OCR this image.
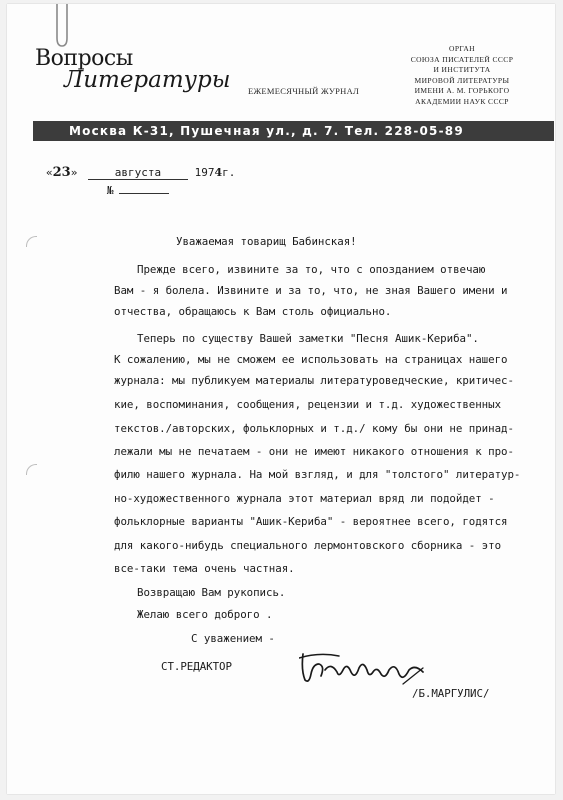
Вопросы
Литературы ЕЖЕМЕСЯЧНЫЙ ЖУРНАЛ
ОРГАН
СОЮЗА ПИСАТЕЛЕЙ СССР
И ИНСТИТУТА
МИРОВОЙ ЛИТЕРАТУРЫ
ИМЕНИ А. М. ГОРЬКОГО
АКАДЕМИИ НАУК СССР
Москва К-31, Пушечная ул., д. 7. Тел. 228-05-89
«23»	августа	1974г.
№
Уважаемая товарищ Бабинская!
Прежде всего, извините за то, что с опозданием отвечаю
Вам - я болела. Извините и за то, что, не зная Вашего имени и
отчества, обращаюсь к Вам столь официально.
Теперь по существу Вашей заметки "Песня Ашик-Кериба".
К сожалению, мы не сможем ее использовать на страницах нашего
журнала: мы публикуем материалы литературоведческие, критичес-
кие, воспоминания, сообщения, рецензии и т.д. художественных
текстов./авторских, фольклорных и т.д./ кому бы они не принад-
лежали мы не печатаем - они не имеют никакого отношения к про-
филю нашего журнала. На мой взгляд, и для "толстого" литератур-
но-художественного журнала этот материал вряд ли подойдет -
фольклорные варианты "Ашик-Кериба" - вероятнее всего, годятся
для какого-нибудь специального лермонтовского сборника - это
все-таки тема очень частная.
Возвращаю Вам рукопись.
Желаю всего доброго .
С уважением -
СТ.РЕДАКТОР
/Б.МАРГУЛИС/
